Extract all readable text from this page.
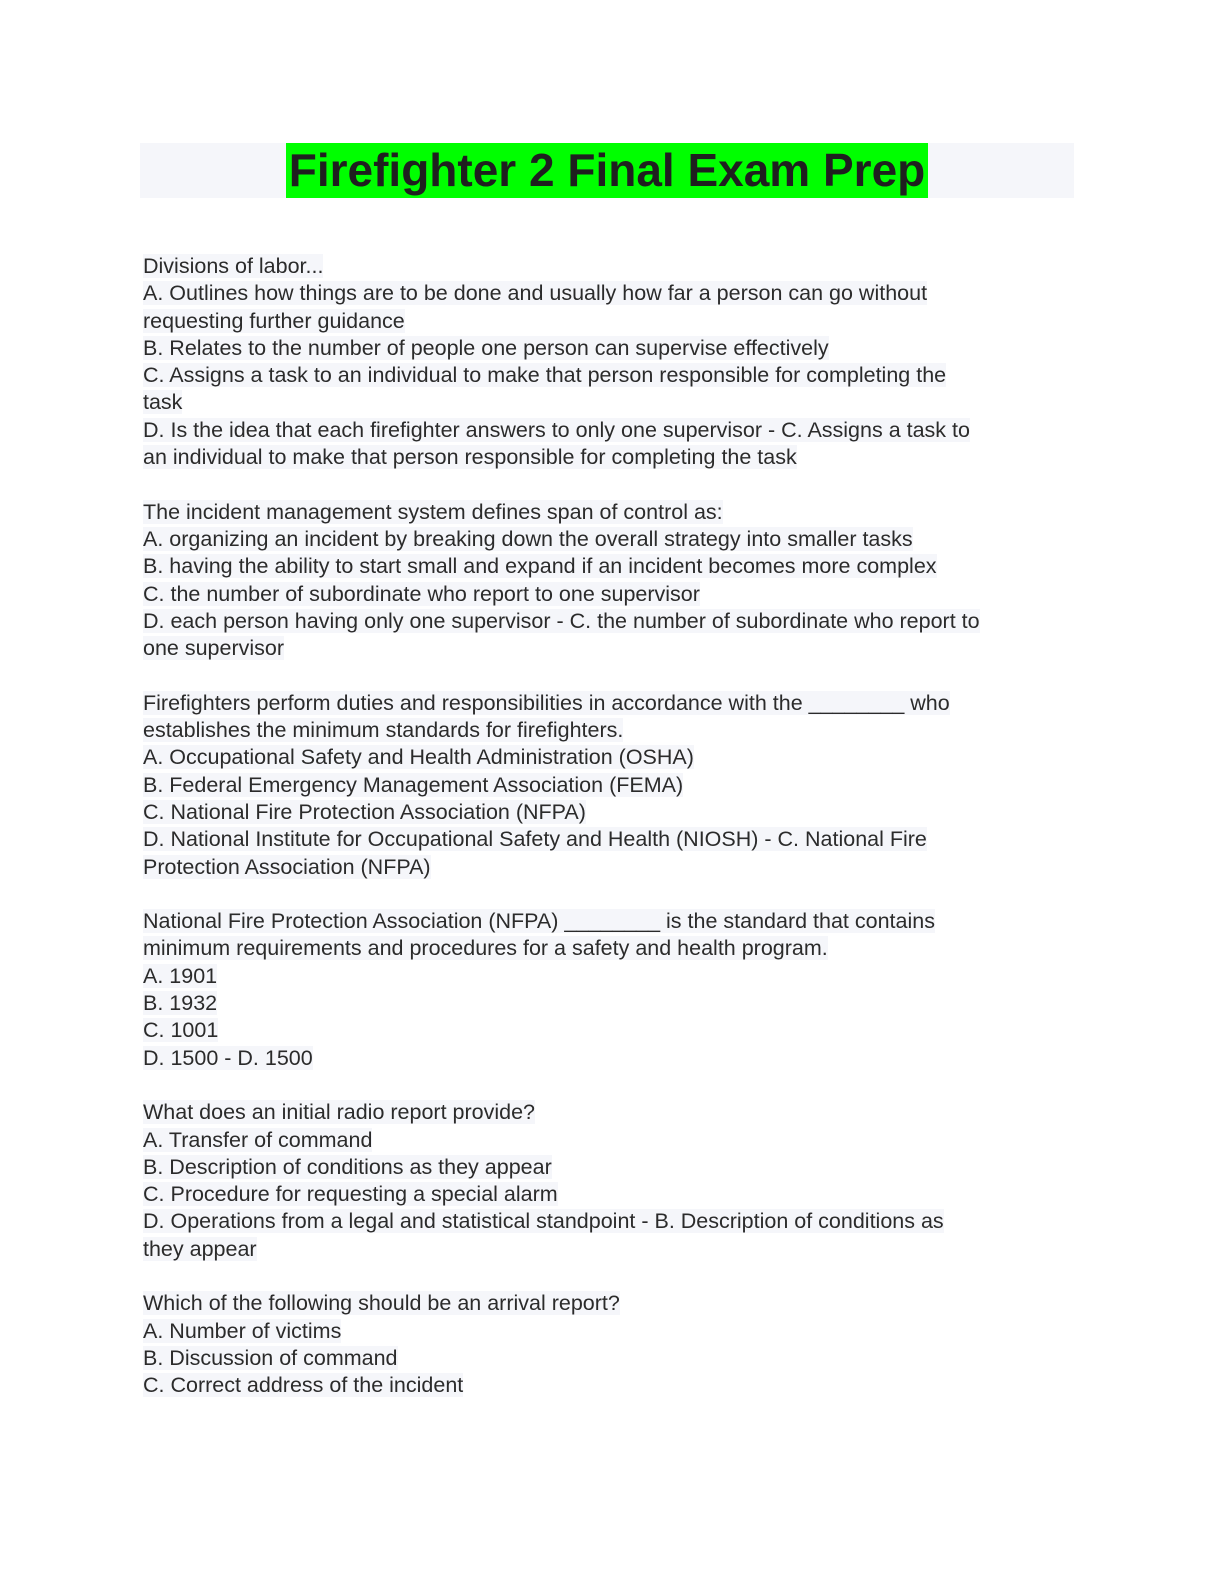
Firefighter 2 Final Exam Prep
Divisions of labor...
A. Outlines how things are to be done and usually how far a person can go without
requesting further guidance
B. Relates to the number of people one person can supervise effectively
C. Assigns a task to an individual to make that person responsible for completing the
task
D. Is the idea that each firefighter answers to only one supervisor - C. Assigns a task to
an individual to make that person responsible for completing the task
The incident management system defines span of control as:
A. organizing an incident by breaking down the overall strategy into smaller tasks
B. having the ability to start small and expand if an incident becomes more complex
C. the number of subordinate who report to one supervisor
D. each person having only one supervisor - C. the number of subordinate who report to
one supervisor
Firefighters perform duties and responsibilities in accordance with the ________ who
establishes the minimum standards for firefighters.
A. Occupational Safety and Health Administration (OSHA)
B. Federal Emergency Management Association (FEMA)
C. National Fire Protection Association (NFPA)
D. National Institute for Occupational Safety and Health (NIOSH) - C. National Fire
Protection Association (NFPA)
National Fire Protection Association (NFPA) ________ is the standard that contains
minimum requirements and procedures for a safety and health program.
A. 1901
B. 1932
C. 1001
D. 1500 - D. 1500
What does an initial radio report provide?
A. Transfer of command
B. Description of conditions as they appear
C. Procedure for requesting a special alarm
D. Operations from a legal and statistical standpoint - B. Description of conditions as
they appear
Which of the following should be an arrival report?
A. Number of victims
B. Discussion of command
C. Correct address of the incident
